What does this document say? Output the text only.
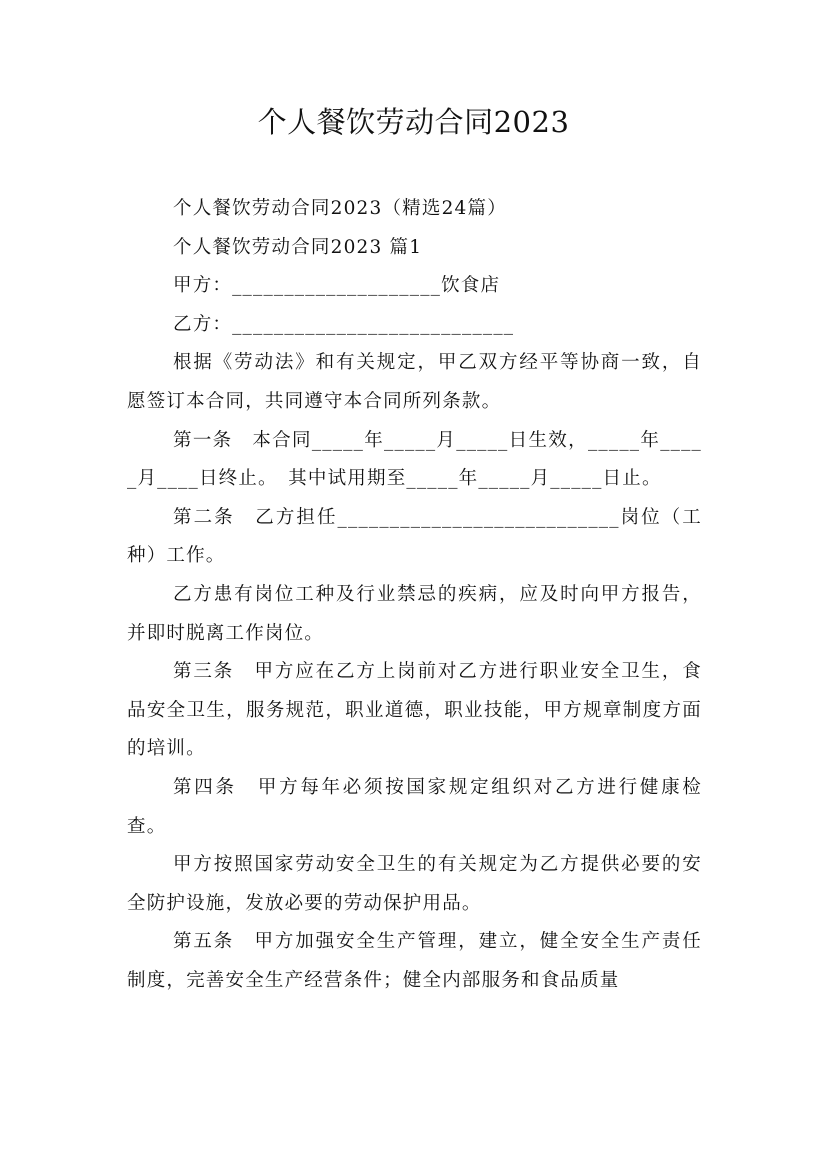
个人餐饮劳动合同2023

个人餐饮劳动合同2023（精选24篇）

个人餐饮劳动合同2023 篇1

甲方：____________________饮食店

乙方：___________________________

根据《劳动法》和有关规定，甲乙双方经平等协商一致，自愿签订本合同，共同遵守本合同所列条款。

第一条　本合同_____年_____月_____日生效，_____年_____月____日终止。　其中试用期至_____年_____月_____日止。

第二条　乙方担任___________________________岗位（工种）工作。

乙方患有岗位工种及行业禁忌的疾病，应及时向甲方报告，并即时脱离工作岗位。

第三条　甲方应在乙方上岗前对乙方进行职业安全卫生，食品安全卫生，服务规范，职业道德，职业技能，甲方规章制度方面的培训。

第四条　甲方每年必须按国家规定组织对乙方进行健康检查。

甲方按照国家劳动安全卫生的有关规定为乙方提供必要的安全防护设施，发放必要的劳动保护用品。

第五条　甲方加强安全生产管理，建立，健全安全生产责任制度，完善安全生产经营条件；健全内部服务和食品质量
